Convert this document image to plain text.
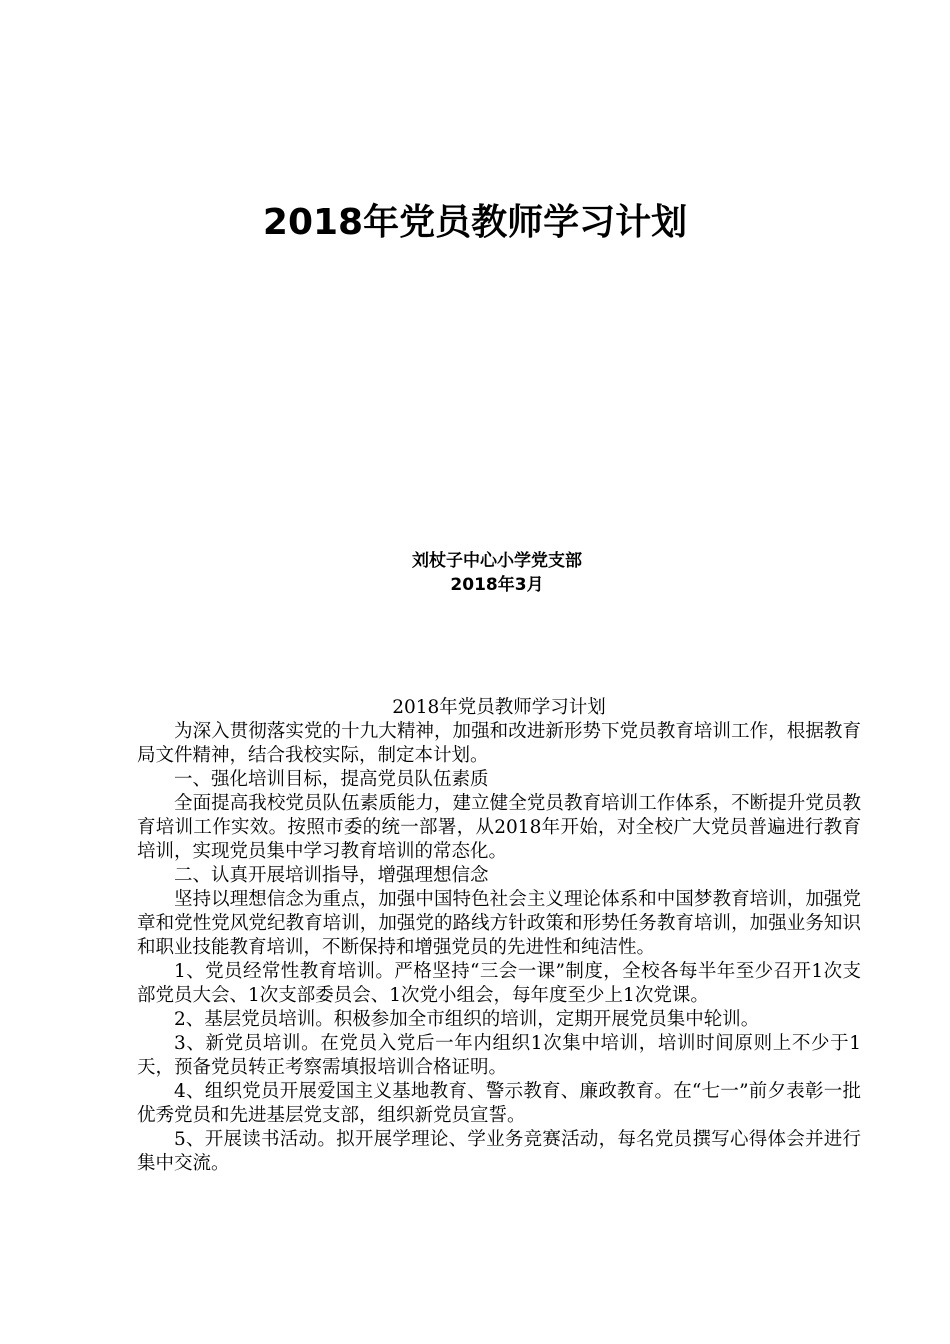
2018年党员教师学习计划
刘杖子中心小学党支部
2018年3月

2018年党员教师学习计划

为深入贯彻落实党的十九大精神，加强和改进新形势下党员教育培训工作，根据教育局文件精神，结合我校实际，制定本计划。

一、强化培训目标，提高党员队伍素质

全面提高我校党员队伍素质能力，建立健全党员教育培训工作体系，不断提升党员教育培训工作实效。按照市委的统一部署，从2018年开始，对全校广大党员普遍进行教育培训，实现党员集中学习教育培训的常态化。

二、认真开展培训指导，增强理想信念

坚持以理想信念为重点，加强中国特色社会主义理论体系和中国梦教育培训，加强党章和党性党风党纪教育培训，加强党的路线方针政策和形势任务教育培训，加强业务知识和职业技能教育培训，不断保持和增强党员的先进性和纯洁性。

1、党员经常性教育培训。严格坚持“三会一课”制度，全校各每半年至少召开1次支部党员大会、1次支部委员会、1次党小组会，每年度至少上1次党课。

2、基层党员培训。积极参加全市组织的培训，定期开展党员集中轮训。

3、新党员培训。在党员入党后一年内组织1次集中培训，培训时间原则上不少于1天，预备党员转正考察需填报培训合格证明。

4、组织党员开展爱国主义基地教育、警示教育、廉政教育。在“七一”前夕表彰一批优秀党员和先进基层党支部，组织新党员宣誓。

5、开展读书活动。拟开展学理论、学业务竞赛活动，每名党员撰写心得体会并进行集中交流。
